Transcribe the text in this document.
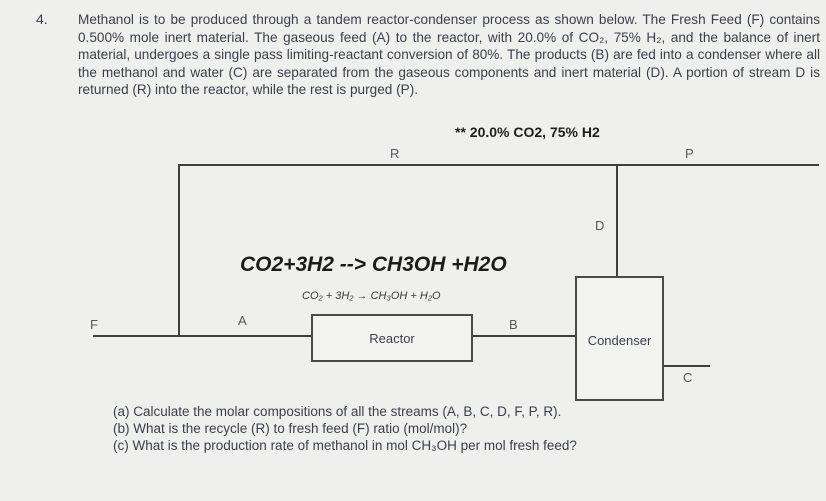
4. Methanol is to be produced through a tandem reactor-condenser process as shown below. The Fresh Feed (F) contains 0.500% mole inert material. The gaseous feed (A) to the reactor, with 20.0% of CO₂, 75% H₂, and the balance of inert material, undergoes a single pass limiting-reactant conversion of 80%. The products (B) are fed into a condenser where all the methanol and water (C) are separated from the gaseous components and inert material (D). A portion of stream D is returned (R) into the reactor, while the rest is purged (P).

** 20.0% CO2, 75% H2
Reactor	Condenser
R	P
D
F	A	B
C
CO2+3H2 --> CH3OH +H2O
CO₂ + 3H₂ → CH₃OH + H₂O
(a) Calculate the molar compositions of all the streams (A, B, C, D, F, P, R).
(b) What is the recycle (R) to fresh feed (F) ratio (mol/mol)?
(c) What is the production rate of methanol in mol CH₃OH per mol fresh feed?
